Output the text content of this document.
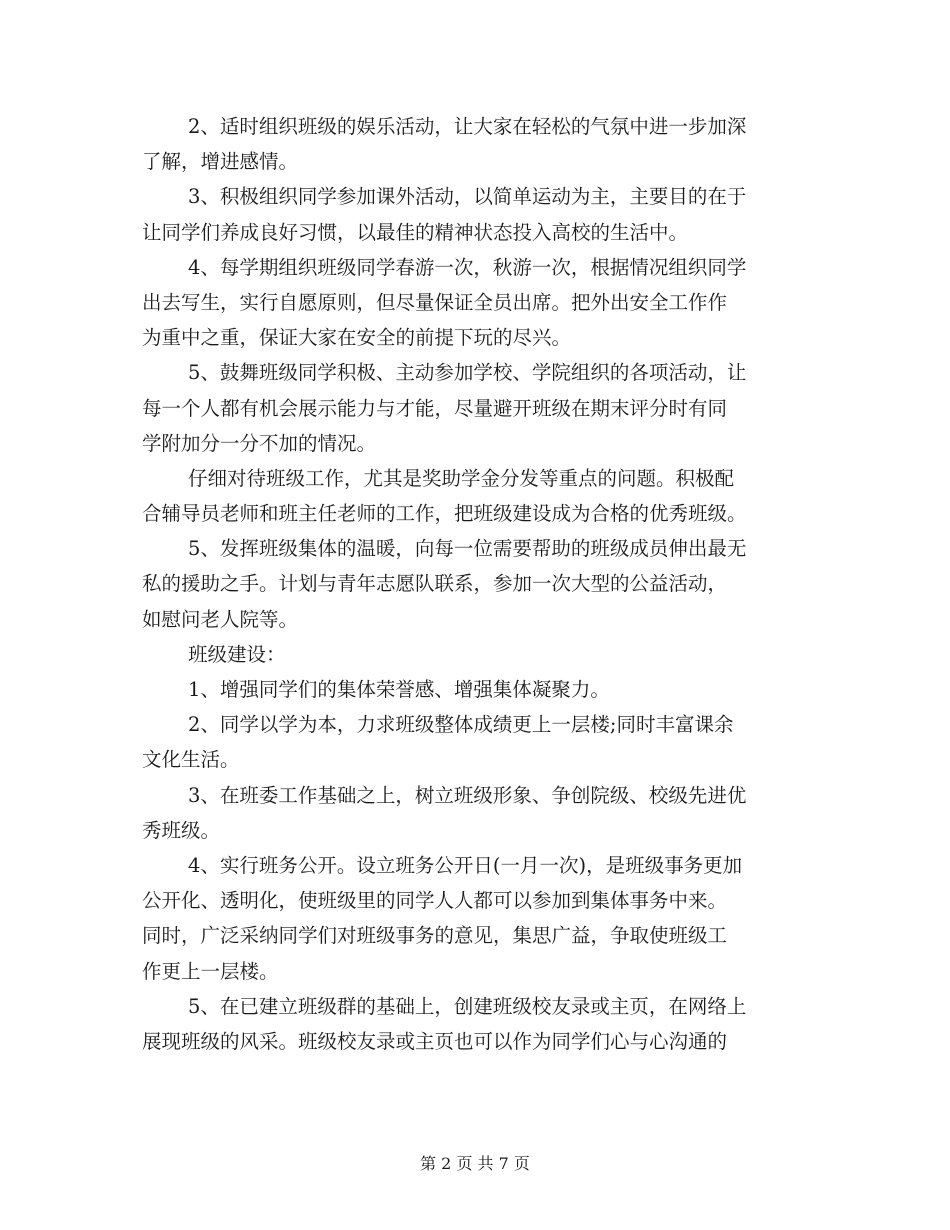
2、适时组织班级的娱乐活动，让大家在轻松的气氛中进一步加深
了解，增进感情。
3、积极组织同学参加课外活动，以简单运动为主，主要目的在于
让同学们养成良好习惯，以最佳的精神状态投入高校的生活中。
4、每学期组织班级同学春游一次，秋游一次，根据情况组织同学
出去写生，实行自愿原则，但尽量保证全员出席。把外出安全工作作
为重中之重，保证大家在安全的前提下玩的尽兴。
5、鼓舞班级同学积极、主动参加学校、学院组织的各项活动，让
每一个人都有机会展示能力与才能，尽量避开班级在期末评分时有同
学附加分一分不加的情况。
仔细对待班级工作，尤其是奖助学金分发等重点的问题。积极配
合辅导员老师和班主任老师的工作，把班级建设成为合格的优秀班级。
5、发挥班级集体的温暖，向每一位需要帮助的班级成员伸出最无
私的援助之手。计划与青年志愿队联系，参加一次大型的公益活动，
如慰问老人院等。
班级建设：
1、增强同学们的集体荣誉感、增强集体凝聚力。
2、同学以学为本，力求班级整体成绩更上一层楼;同时丰富课余
文化生活。
3、在班委工作基础之上，树立班级形象、争创院级、校级先进优
秀班级。
4、实行班务公开。设立班务公开日(一月一次)，是班级事务更加
公开化、透明化，使班级里的同学人人都可以参加到集体事务中来。
同时，广泛采纳同学们对班级事务的意见，集思广益，争取使班级工
作更上一层楼。
5、在已建立班级群的基础上，创建班级校友录或主页，在网络上
展现班级的风采。班级校友录或主页也可以作为同学们心与心沟通的
第 2 页 共 7 页
